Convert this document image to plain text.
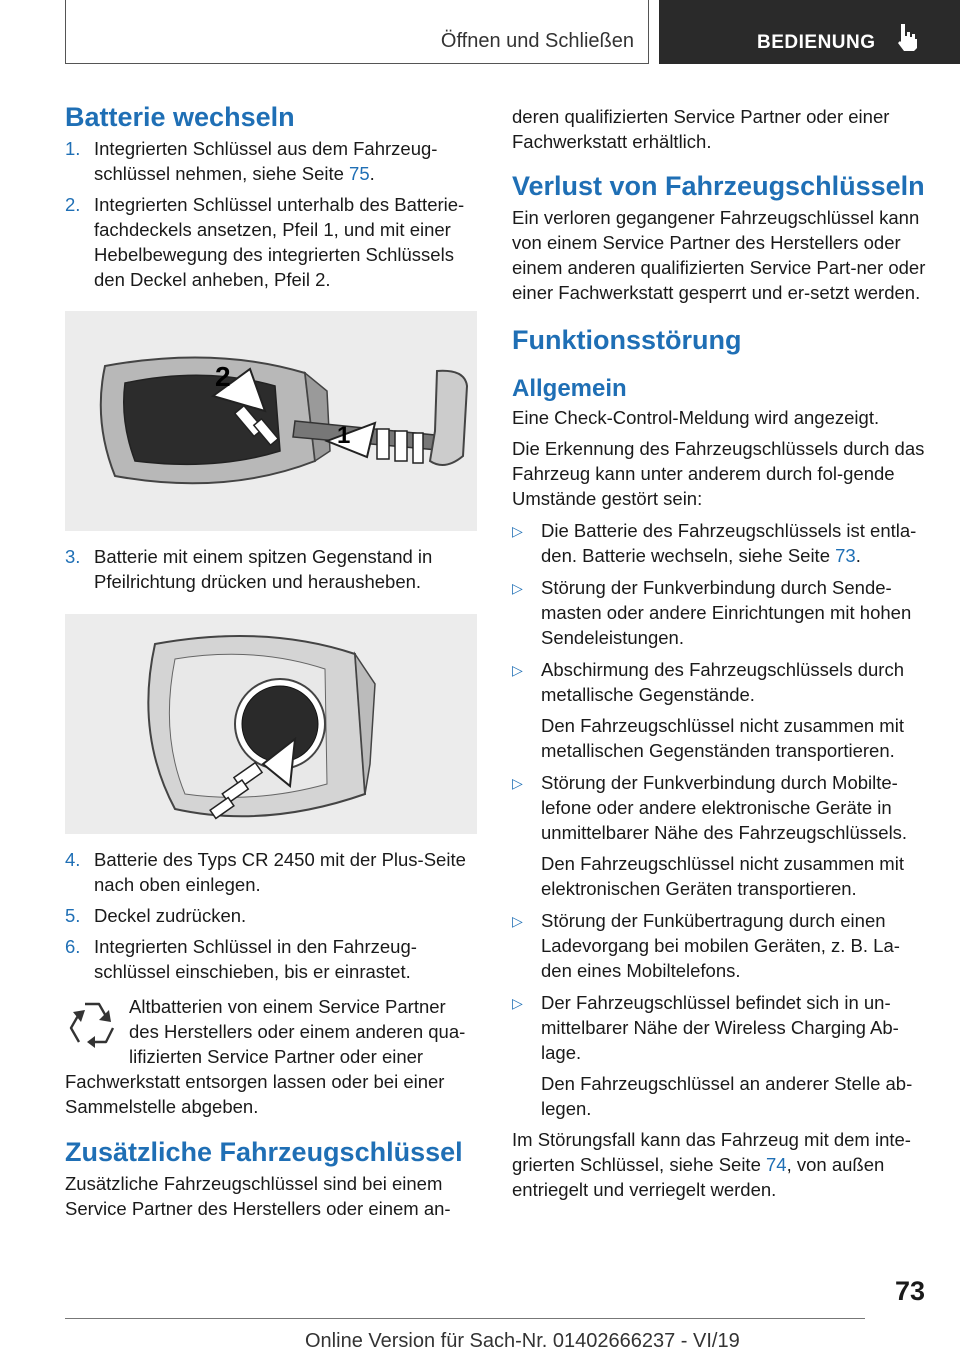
Öffnen und Schließen	BEDIENUNG
Batterie wechseln
1. Integrierten Schlüssel aus dem Fahrzeug-schlüssel nehmen, siehe Seite 75.
2. Integrierten Schlüssel unterhalb des Batterie-fachdeckels ansetzen, Pfeil 1, und mit einer Hebelbewegung des integrierten Schlüssels den Deckel anheben, Pfeil 2.
2
1
3. Batterie mit einem spitzen Gegenstand in Pfeilrichtung drücken und herausheben.
4. Batterie des Typs CR 2450 mit der Plus-Seite nach oben einlegen.
5. Deckel zudrücken.
6. Integrierten Schlüssel in den Fahrzeug-schlüssel einschieben, bis er einrastet.
Altbatterien von einem Service Partner des Herstellers oder einem anderen qua-lifizierten Service Partner oder einer Fachwerkstatt entsorgen lassen oder bei einer Sammelstelle abgeben.
Zusätzliche Fahrzeugschlüssel

Zusätzliche Fahrzeugschlüssel sind bei einem Service Partner des Herstellers oder einem an-

deren qualifizierten Service Partner oder einer Fachwerkstatt erhältlich.

Verlust von Fahrzeugschlüsseln

Ein verloren gegangener Fahrzeugschlüssel kann von einem Service Partner des Herstellers oder einem anderen qualifizierten Service Part-ner oder einer Fachwerkstatt gesperrt und er-setzt werden.

Funktionsstörung
Allgemein

Eine Check-Control-Meldung wird angezeigt.

Die Erkennung des Fahrzeugschlüssels durch das Fahrzeug kann unter anderem durch fol-gende Umstände gestört sein:

▷ Die Batterie des Fahrzeugschlüssels ist entla-den. Batterie wechseln, siehe Seite 73.
▷ Störung der Funkverbindung durch Sende-masten oder andere Einrichtungen mit hohen Sendeleistungen.
▷ Abschirmung des Fahrzeugschlüssels durch metallische Gegenstände.

Den Fahrzeugschlüssel nicht zusammen mit metallischen Gegenständen transportieren.

▷ Störung der Funkverbindung durch Mobilte-lefone oder andere elektronische Geräte in unmittelbarer Nähe des Fahrzeugschlüssels.

Den Fahrzeugschlüssel nicht zusammen mit elektronischen Geräten transportieren.

▷ Störung der Funkübertragung durch einen Ladevorgang bei mobilen Geräten, z. B. La-den eines Mobiltelefons.
▷ Der Fahrzeugschlüssel befindet sich in un-mittelbarer Nähe der Wireless Charging Ab-lage.

Den Fahrzeugschlüssel an anderer Stelle ab-legen.

Im Störungsfall kann das Fahrzeug mit dem inte-grierten Schlüssel, siehe Seite 74, von außen entriegelt und verriegelt werden.

73
Online Version für Sach-Nr. 01402666237 - VI/19
